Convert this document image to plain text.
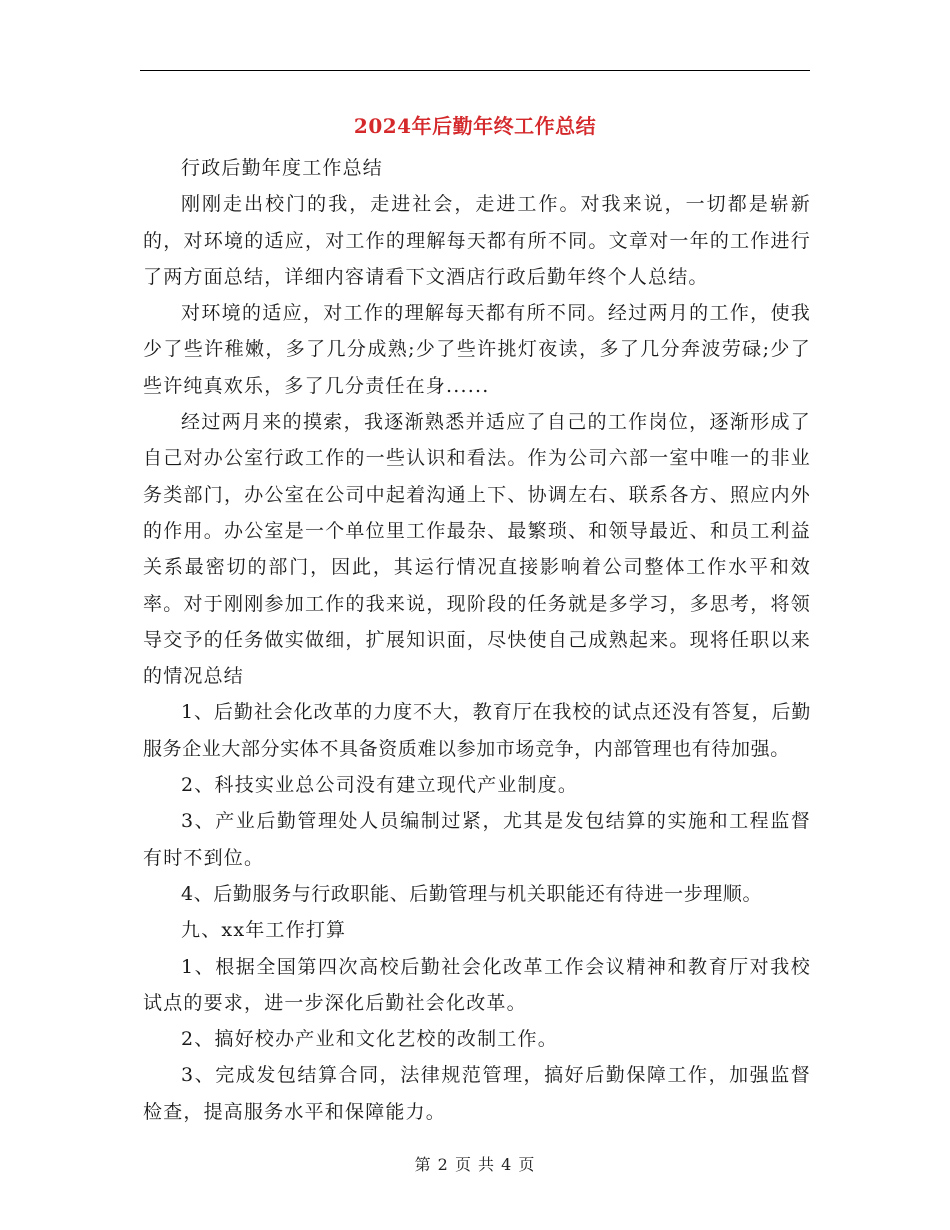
2024年后勤年终工作总结

行政后勤年度工作总结

刚刚走出校门的我，走进社会，走进工作。对我来说，一切都是崭新的，对环境的适应，对工作的理解每天都有所不同。文章对一年的工作进行了两方面总结，详细内容请看下文酒店行政后勤年终个人总结。

对环境的适应，对工作的理解每天都有所不同。经过两月的工作，使我少了些许稚嫩，多了几分成熟;少了些许挑灯夜读，多了几分奔波劳碌;少了些许纯真欢乐，多了几分责任在身......

经过两月来的摸索，我逐渐熟悉并适应了自己的工作岗位，逐渐形成了自己对办公室行政工作的一些认识和看法。作为公司六部一室中唯一的非业务类部门，办公室在公司中起着沟通上下、协调左右、联系各方、照应内外的作用。办公室是一个单位里工作最杂、最繁琐、和领导最近、和员工利益关系最密切的部门，因此，其运行情况直接影响着公司整体工作水平和效率。对于刚刚参加工作的我来说，现阶段的任务就是多学习，多思考，将领导交予的任务做实做细，扩展知识面，尽快使自己成熟起来。现将任职以来的情况总结

1、后勤社会化改革的力度不大，教育厅在我校的试点还没有答复，后勤服务企业大部分实体不具备资质难以参加市场竞争，内部管理也有待加强。

2、科技实业总公司没有建立现代产业制度。

3、产业后勤管理处人员编制过紧，尤其是发包结算的实施和工程监督有时不到位。

4、后勤服务与行政职能、后勤管理与机关职能还有待进一步理顺。

九、xx年工作打算

1、根据全国第四次高校后勤社会化改革工作会议精神和教育厅对我校试点的要求，进一步深化后勤社会化改革。

2、搞好校办产业和文化艺校的改制工作。

3、完成发包结算合同，法律规范管理，搞好后勤保障工作，加强监督检查，提高服务水平和保障能力。

第 2 页 共 4 页
